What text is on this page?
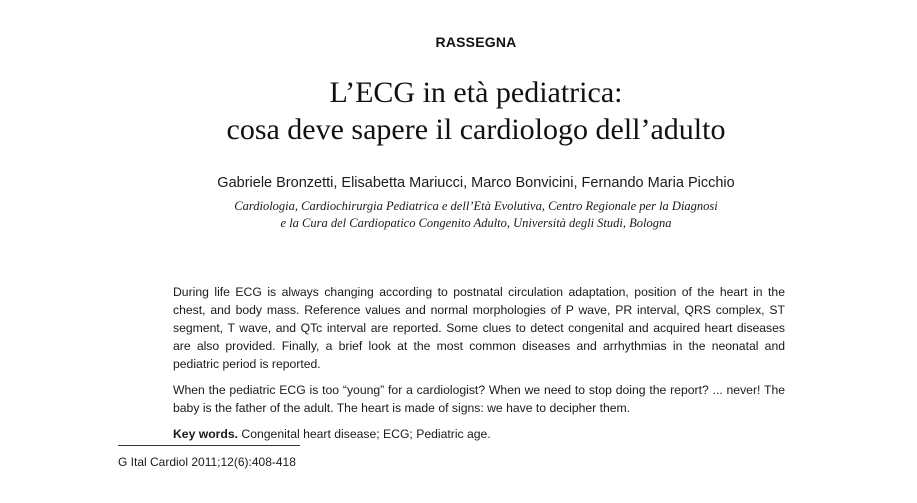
RASSEGNA
L’ECG in età pediatrica:
cosa deve sapere il cardiologo dell’adulto
Gabriele Bronzetti, Elisabetta Mariucci, Marco Bonvicini, Fernando Maria Picchio
Cardiologia, Cardiochirurgia Pediatrica e dell’Età Evolutiva, Centro Regionale per la Diagnosi
e la Cura del Cardiopatico Congenito Adulto, Università degli Studi, Bologna

During life ECG is always changing according to postnatal circulation adaptation, position of the heart in the chest, and body mass. Reference values and normal morphologies of P wave, PR interval, QRS complex, ST segment, T wave, and QTc interval are reported. Some clues to detect congenital and acquired heart diseases are also provided. Finally, a brief look at the most common diseases and arrhythmias in the neonatal and pediatric period is reported.

When the pediatric ECG is too “young” for a cardiologist? When we need to stop doing the report? ... never! The baby is the father of the adult. The heart is made of signs: we have to decipher them.

Key words. Congenital heart disease; ECG; Pediatric age.

G Ital Cardiol 2011;12(6):408-418
